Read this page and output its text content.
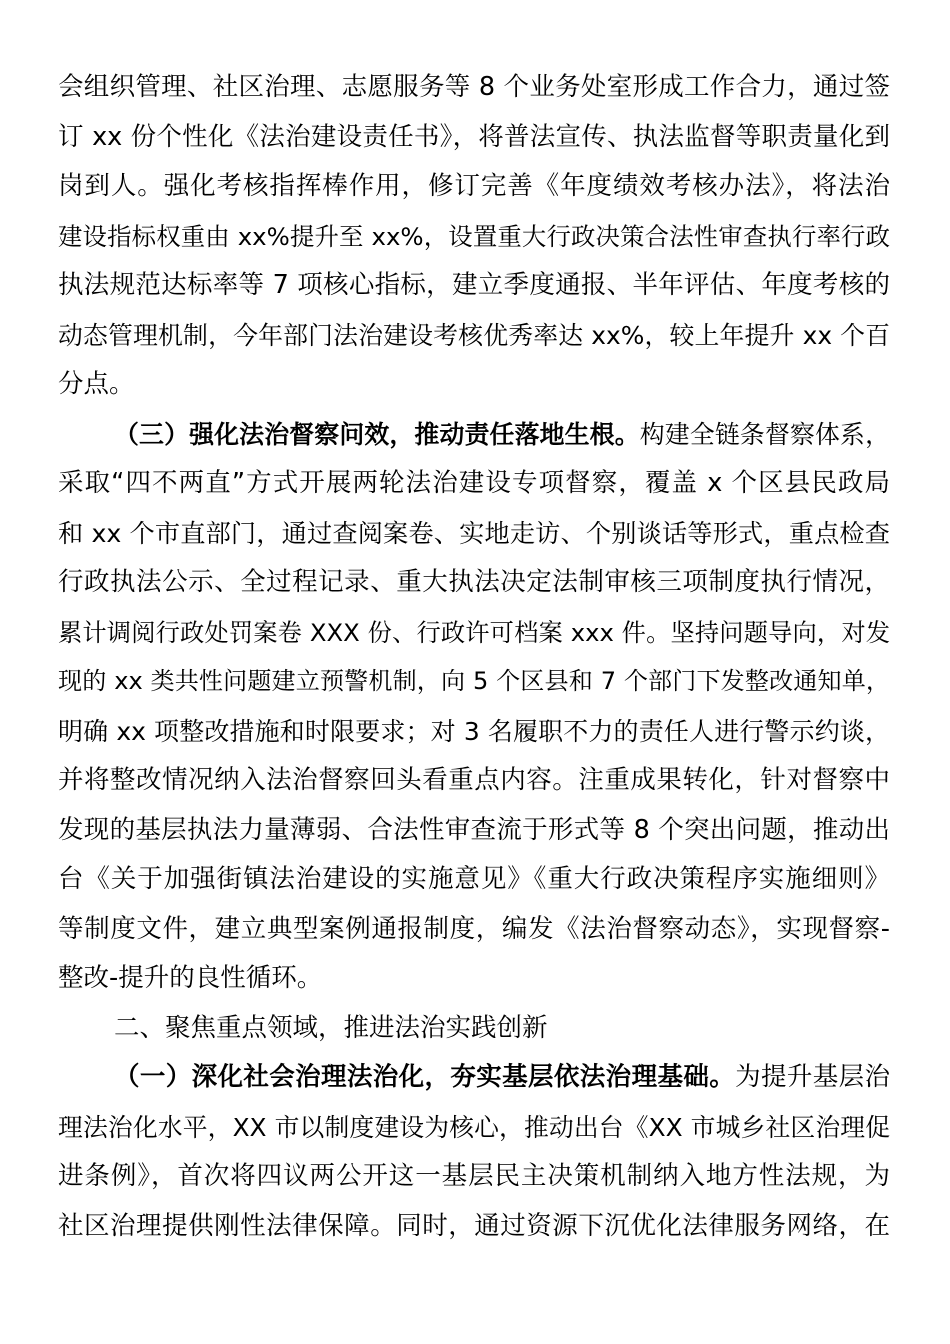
会组织管理、社区治理、志愿服务等 8 个业务处室形成工作合力，通过签
订 xx 份个性化《法治建设责任书》，将普法宣传、执法监督等职责量化到
岗到人。强化考核指挥棒作用，修订完善《年度绩效考核办法》，将法治
建设指标权重由 xx%提升至 xx%，设置重大行政决策合法性审查执行率行政
执法规范达标率等 7 项核心指标，建立季度通报、半年评估、年度考核的
动态管理机制，今年部门法治建设考核优秀率达 xx%，较上年提升 xx 个百
分点。
（三）强化法治督察问效，推动责任落地生根。构建全链条督察体系，
采取“四不两直”方式开展两轮法治建设专项督察，覆盖 x 个区县民政局
和 xx 个市直部门，通过查阅案卷、实地走访、个别谈话等形式，重点检查
行政执法公示、全过程记录、重大执法决定法制审核三项制度执行情况，
累计调阅行政处罚案卷 XXX 份、行政许可档案 xxx 件。坚持问题导向，对发
现的 xx 类共性问题建立预警机制，向 5 个区县和 7 个部门下发整改通知单，
明确 xx 项整改措施和时限要求；对 3 名履职不力的责任人进行警示约谈，
并将整改情况纳入法治督察回头看重点内容。注重成果转化，针对督察中
发现的基层执法力量薄弱、合法性审查流于形式等 8 个突出问题，推动出
台《关于加强街镇法治建设的实施意见》《重大行政决策程序实施细则》
等制度文件，建立典型案例通报制度，编发《法治督察动态》，实现督察-
整改-提升的良性循环。
二、聚焦重点领域，推进法治实践创新
（一）深化社会治理法治化，夯实基层依法治理基础。为提升基层治
理法治化水平，XX 市以制度建设为核心，推动出台《XX 市城乡社区治理促
进条例》，首次将四议两公开这一基层民主决策机制纳入地方性法规，为
社区治理提供刚性法律保障。同时，通过资源下沉优化法律服务网络，在
